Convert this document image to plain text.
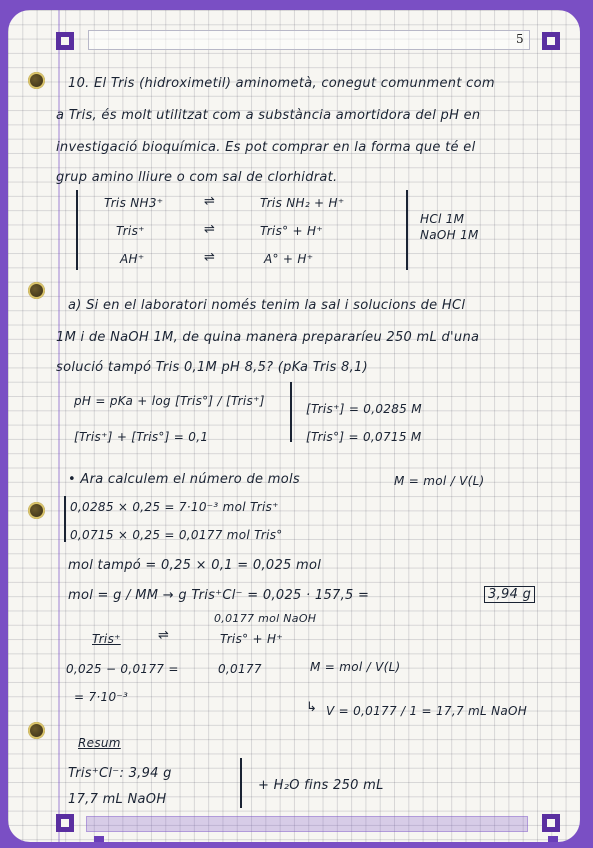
5
10. El Tris (hidroximetil) aminometà, conegut comunment com
a Tris, és molt utilitzat com a substància amortidora del pH en
investigació bioquímica. Es pot comprar en la forma que té el
grup amino lliure o com sal de clorhidrat.
Tris NH3⁺	⇌	Tris NH₂ + H⁺
Tris⁺	⇌	Tris° + H⁺
AH⁺	⇌	A° + H⁺
HCl 1M
NaOH 1M
a) Si en el laboratori només tenim la sal i solucions de HCl
1M i de NaOH 1M, de quina manera prepararíeu 250 mL d'una
solució tampó Tris 0,1M pH 8,5? (pKa Tris 8,1)
pH = pKa + log [Tris°] / [Tris⁺]
[Tris⁺] + [Tris°] = 0,1
[Tris⁺] = 0,0285 M
[Tris°] = 0,0715 M
• Ara calculem el número de mols	M = mol / V(L)
0,0285 × 0,25 = 7·10⁻³ mol Tris⁺
0,0715 × 0,25 = 0,0177 mol Tris°
mol tampó = 0,25 × 0,1 = 0,025 mol
mol = g / MM → g Tris⁺Cl⁻ = 0,025 · 157,5 =	3,94 g
0,0177 mol NaOH
Tris⁺	⇌	Tris° + H⁺
0,025 − 0,0177 =	0,0177	M = mol / V(L)
= 7·10⁻³
↳ V = 0,0177 / 1 = 17,7 mL NaOH
Resum
Tris⁺Cl⁻: 3,94 g
17,7 mL NaOH
+ H₂O fins 250 mL
